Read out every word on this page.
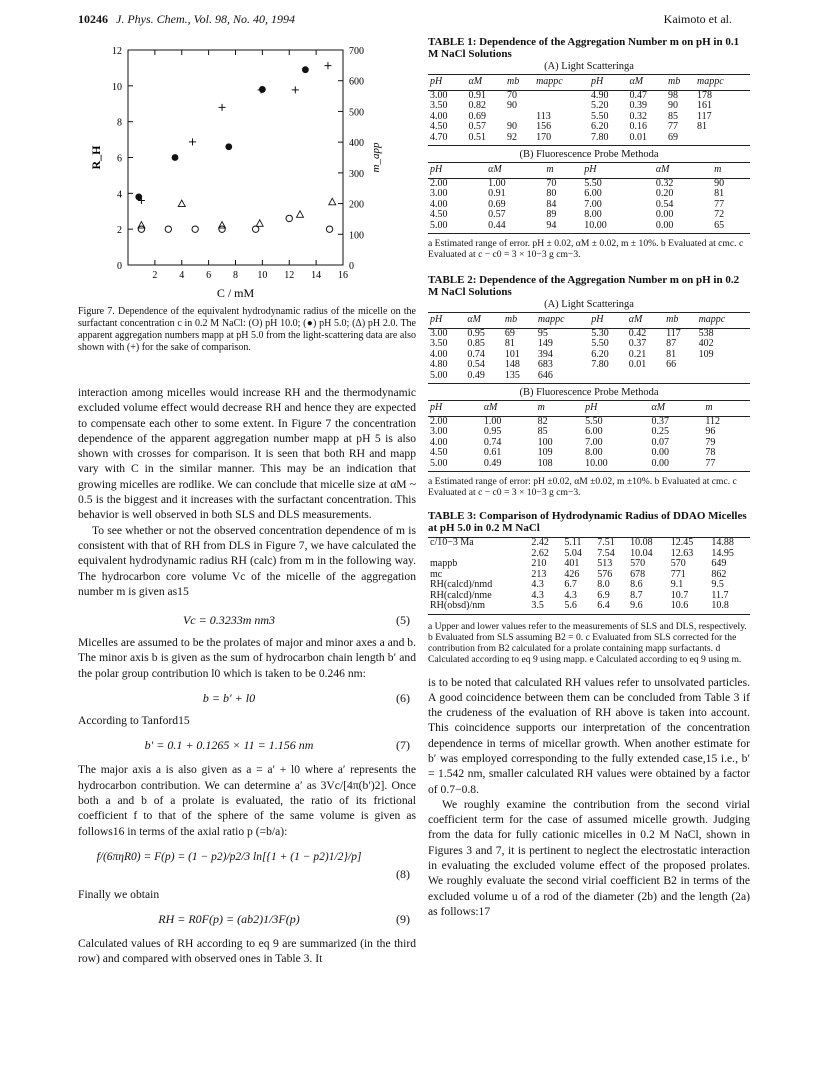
10246 J. Phys. Chem., Vol. 98, No. 40, 1994	Kaimoto et al.
0
2
4
6
8
10
12
0
100
200
300
400
500
600
700
2 4 6 8 10 12 14 16
C / mM
R_H	m_app
Figure 7. Dependence of the equivalent hydrodynamic radius of the micelle on the surfactant concentration c in 0.2 M NaCl: (O) pH 10.0; (●) pH 5.0; (Δ) pH 2.0. The apparent aggregation numbers mapp at pH 5.0 from the light-scattering data are also shown with (+) for the sake of comparison.

interaction among micelles would increase RH and the thermodynamic excluded volume effect would decrease RH and hence they are expected to compensate each other to some extent. In Figure 7 the concentration dependence of the apparent aggregation number mapp at pH 5 is also shown with crosses for comparison. It is seen that both RH and mapp vary with C in the similar manner. This may be an indication that growing micelles are rodlike. We can conclude that micelle size at αM ~ 0.5 is the biggest and it increases with the surfactant concentration. This behavior is well observed in both SLS and DLS measurements.

To see whether or not the observed concentration dependence of m is consistent with that of RH from DLS in Figure 7, we have calculated the equivalent hydrodynamic radius RH (calc) from m in the following way. The hydrocarbon core volume Vc of the micelle of the aggregation number m is given as15

Vc = 0.3233m nm3	(5)

Micelles are assumed to be the prolates of major and minor axes a and b. The minor axis b is given as the sum of hydrocarbon chain length b′ and the polar group contribution l0 which is taken to be 0.246 nm:

b = b′ + l0	(6)

According to Tanford15

b′ = 0.1 + 0.1265 × 11 = 1.156 nm	(7)

The major axis a is also given as a = a′ + l0 where a′ represents the hydrocarbon contribution. We can determine a′ as 3Vc/[4π(b′)2]. Once both a and b of a prolate is evaluated, the ratio of its frictional coefficient f to that of the sphere of the same volume is given as follows16 in terms of the axial ratio p (=b/a):

f/(6πηR0) = F(p) = (1 − p2)/p2/3 ln[{1 + (1 − p2)1/2}/p]
(8)

Finally we obtain

RH = R0F(p) = (ab2)1/3F(p)	(9)

Calculated values of RH according to eq 9 are summarized (in the third row) and compared with observed ones in Table 3. It

TABLE 1: Dependence of the Aggregation Number m on pH in 0.1 M NaCl Solutions
(A) Light Scatteringa
pH	αM	mb	mappc	pH	αM	mb	mappc
3.00	0.91	70		4.90	0.47	98	178
3.50	0.82	90		5.20	0.39	90	161
4.00	0.69		113	5.50	0.32	85	117
4.50	0.57	90	156	6.20	0.16	77	81
4.70	0.51	92	170	7.80	0.01	69	
(B) Fluorescence Probe Methoda
pH	αM	m	pH	αM	m
2.00	1.00	70	5.50	0.32	90
3.00	0.91	80	6.00	0.20	81
4.00	0.69	84	7.00	0.54	77
4.50	0.57	89	8.00	0.00	72
5.00	0.44	94	10.00	0.00	65
a Estimated range of error. pH ± 0.02, αM ± 0.02, m ± 10%. b Evaluated at cmc. c Evaluated at c − c0 = 3 × 10−3 g cm−3.
TABLE 2: Dependence of the Aggregation Number m on pH in 0.2 M NaCl Solutions
(A) Light Scatteringa
pH	αM	mb	mappc	pH	αM	mb	mappc
3.00	0.95	69	95	5.30	0.42	117	538
3.50	0.85	81	149	5.50	0.37	87	402
4.00	0.74	101	394	6.20	0.21	81	109
4.80	0.54	148	683	7.80	0.01	66	
5.00	0.49	135	646				
(B) Fluorescence Probe Methoda
pH	αM	m	pH	αM	m
2.00	1.00	82	5.50	0.37	112
3.00	0.95	85	6.00	0.25	96
4.00	0.74	100	7.00	0.07	79
4.50	0.61	109	8.00	0.00	78
5.00	0.49	108	10.00	0.00	77
a Estimated range of error: pH ±0.02, αM ±0.02, m ±10%. b Evaluated at cmc. c Evaluated at c − c0 = 3 × 10−3 g cm−3.
TABLE 3: Comparison of Hydrodynamic Radius of DDAO Micelles at pH 5.0 in 0.2 M NaCl
c/10−3 Ma	2.42	5.11	7.51	10.08	12.45	14.88
	2.62	5.04	7.54	10.04	12.63	14.95
mappb	210	401	513	570	570	649
mc	213	426	576	678	771	862
RH(calcd)/nmd	4.3	6.7	8.0	8.6	9.1	9.5
RH(calcd)/nme	4.3	4.3	6.9	8.7	10.7	11.7
RH(obsd)/nm	3.5	5.6	6.4	9.6	10.6	10.8
a Upper and lower values refer to the measurements of SLS and DLS, respectively. b Evaluated from SLS assuming B2 = 0. c Evaluated from SLS corrected for the contribution from B2 calculated for a prolate containing mapp surfactants. d Calculated according to eq 9 using mapp. e Calculated according to eq 9 using m.

is to be noted that calculated RH values refer to unsolvated particles. A good coincidence between them can be concluded from Table 3 if the crudeness of the evaluation of RH above is taken into account. This coincidence supports our interpretation of the concentration dependence in terms of micellar growth. When another estimate for b′ was employed corresponding to the fully extended case,15 i.e., b′ = 1.542 nm, smaller calculated RH values were obtained by a factor of 0.7−0.8.

We roughly examine the contribution from the second virial coefficient term for the case of assumed micelle growth. Judging from the data for fully cationic micelles in 0.2 M NaCl, shown in Figures 3 and 7, it is pertinent to neglect the electrostatic interaction in evaluating the excluded volume effect of the proposed prolates. We roughly evaluate the second virial coefficient B2 in terms of the excluded volume u of a rod of the diameter (2b) and the length (2a) as follows:17
